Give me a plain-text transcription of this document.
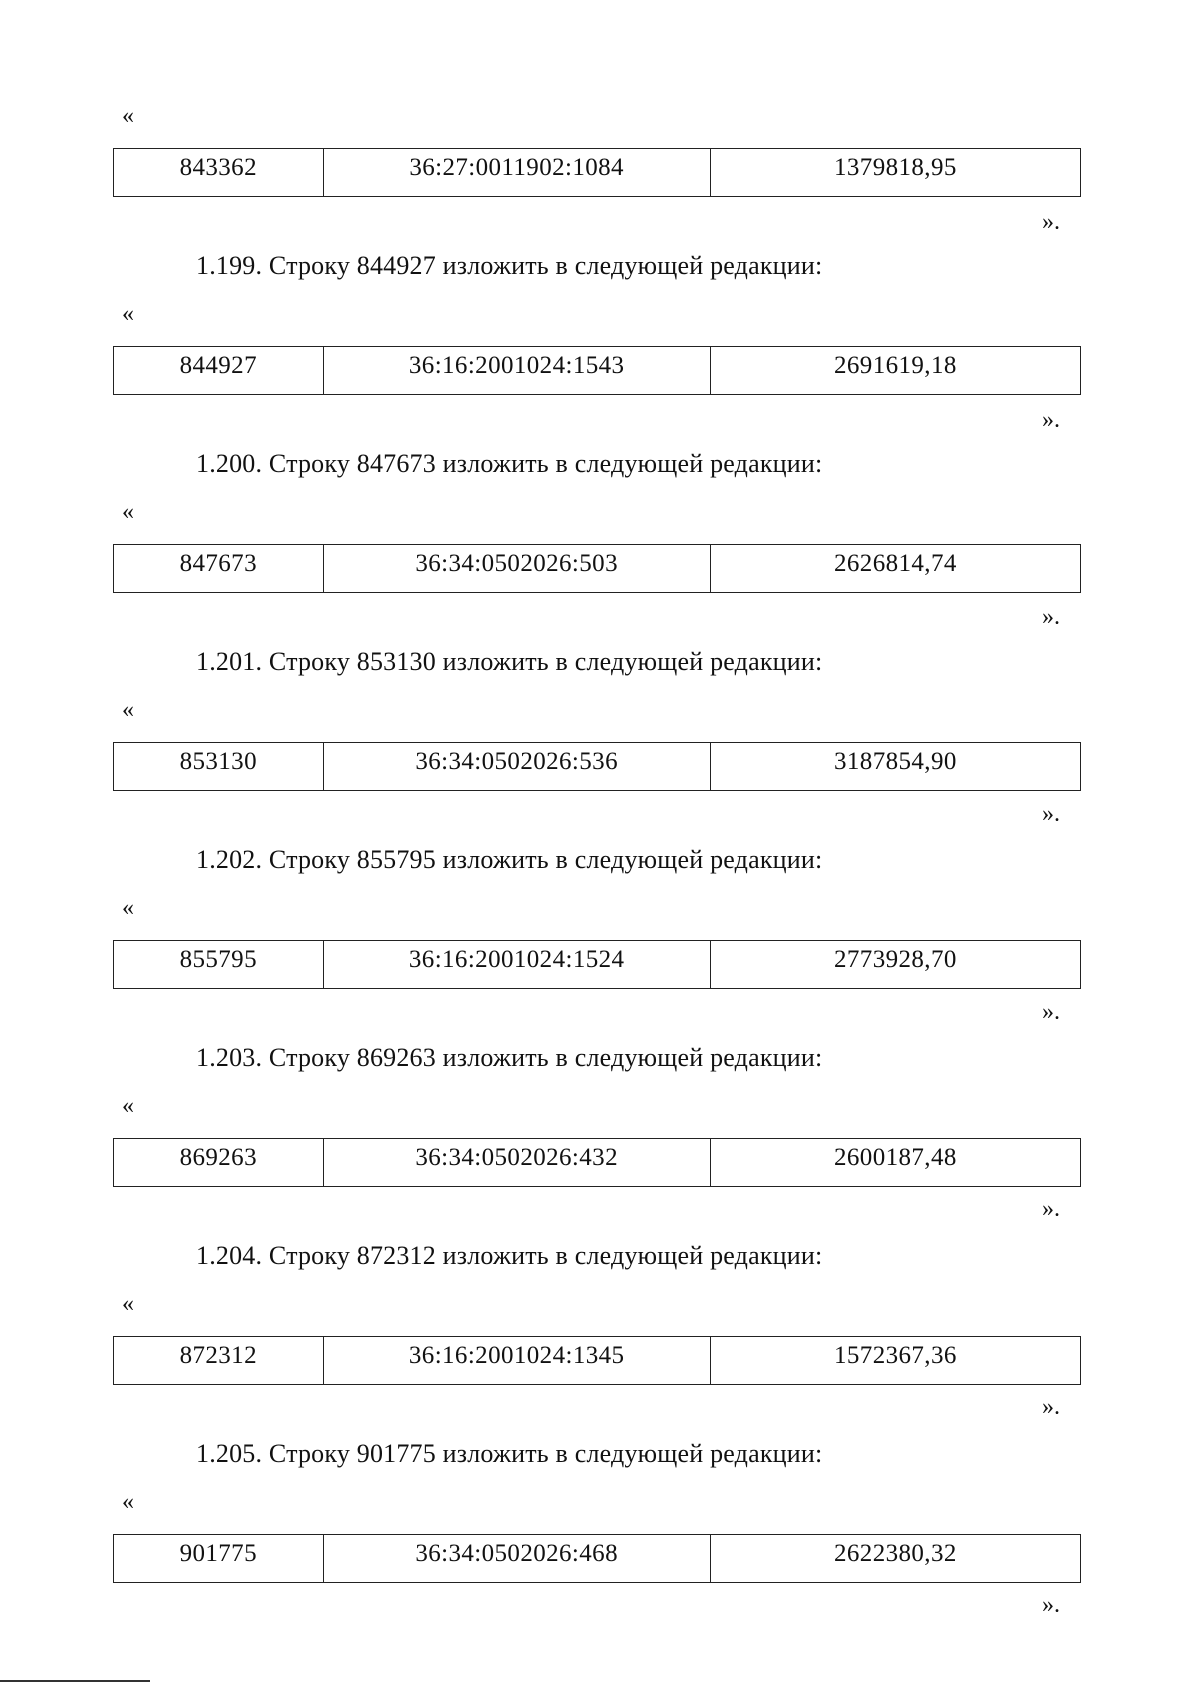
«
843362	36:27:0011902:1084	1379818,95
».
1.199. Строку 844927 изложить в следующей редакции:
«
844927	36:16:2001024:1543	2691619,18
».
1.200. Строку 847673 изложить в следующей редакции:
«
847673	36:34:0502026:503	2626814,74
».
1.201. Строку 853130 изложить в следующей редакции:
«
853130	36:34:0502026:536	3187854,90
».
1.202. Строку 855795 изложить в следующей редакции:
«
855795	36:16:2001024:1524	2773928,70
».
1.203. Строку 869263 изложить в следующей редакции:
«
869263	36:34:0502026:432	2600187,48
».
1.204. Строку 872312 изложить в следующей редакции:
«
872312	36:16:2001024:1345	1572367,36
».
1.205. Строку 901775 изложить в следующей редакции:
«
901775	36:34:0502026:468	2622380,32
».
